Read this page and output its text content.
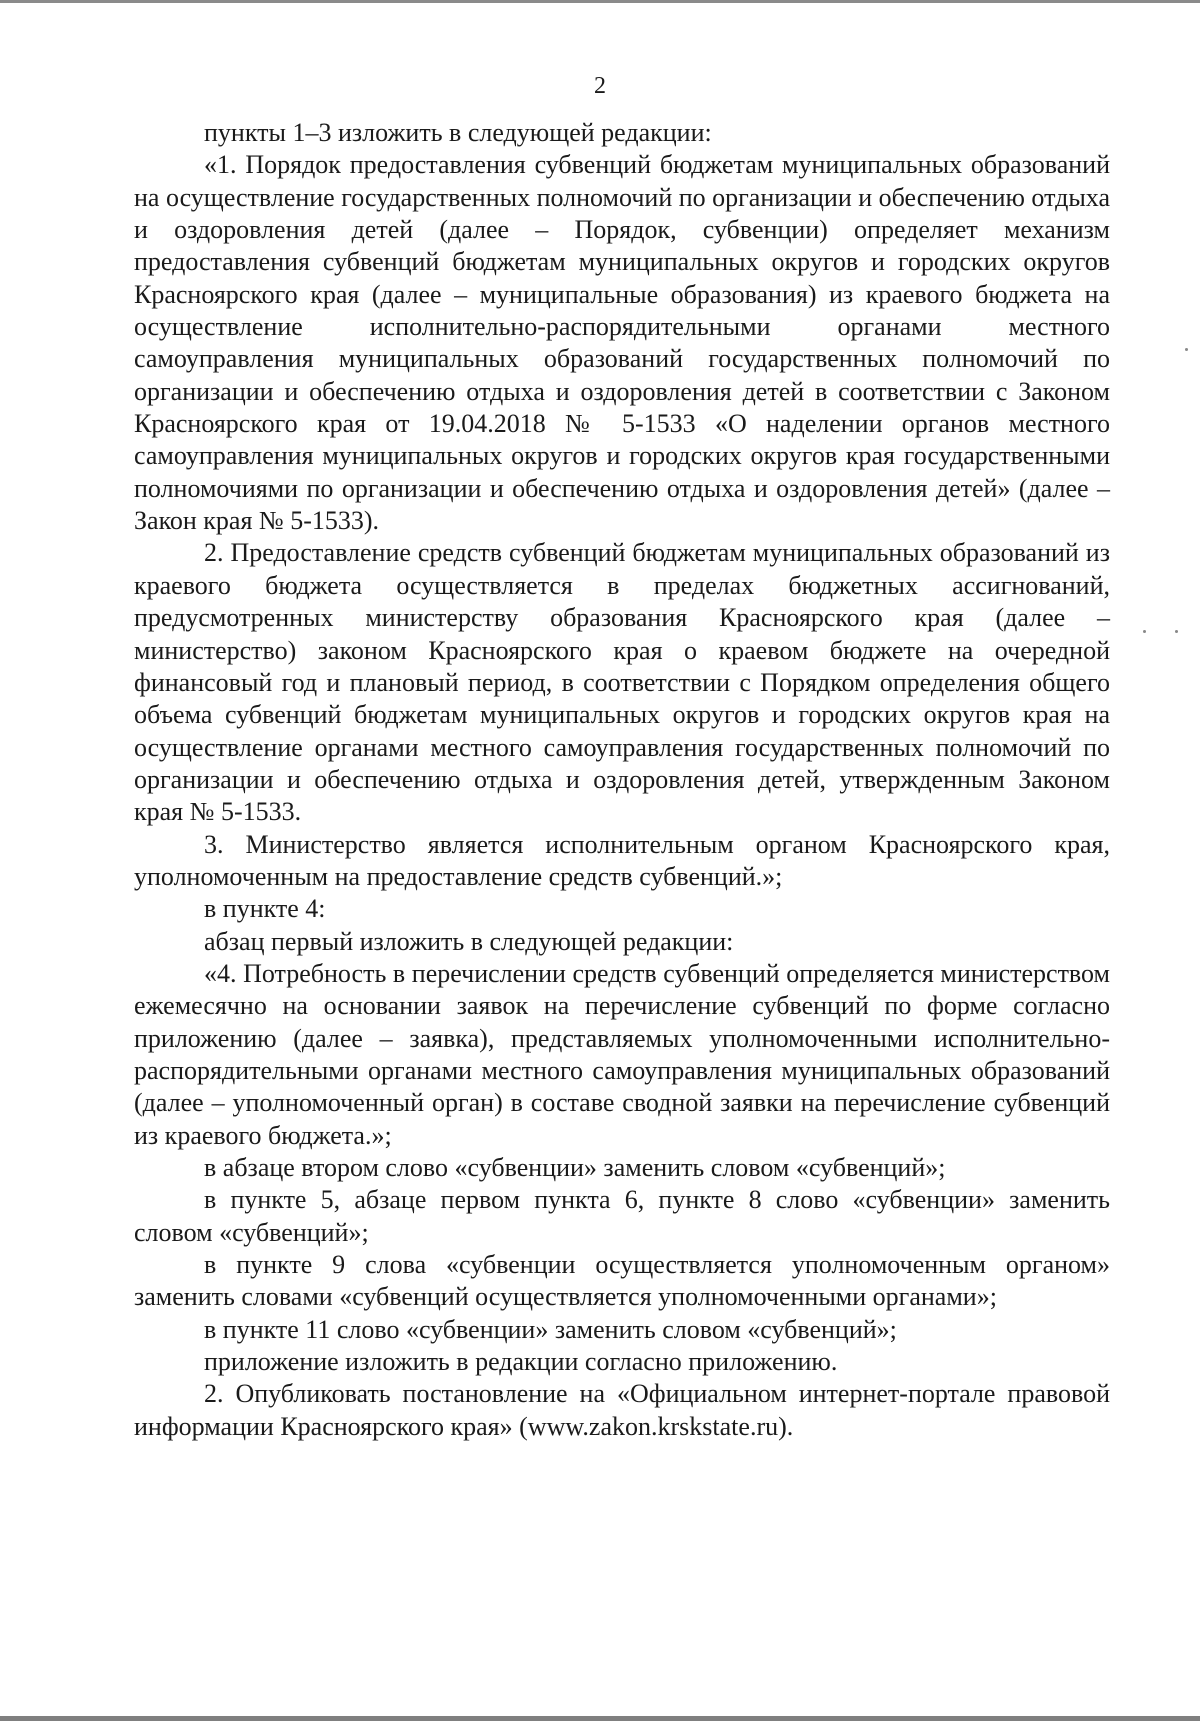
2

пункты 1–3 изложить в следующей редакции:

«1. Порядок предоставления субвенций бюджетам муниципальных образований на осуществление государственных полномочий по организации и обеспечению отдыха и оздоровления детей (далее – Порядок, субвенции) определяет механизм предоставления субвенций бюджетам муниципальных округов и городских округов Красноярского края (далее – муниципальные образования) из краевого бюджета на осуществление исполнительно-распорядительными органами местного самоуправления муниципальных образований государственных полномочий по организации и обеспечению отдыха и оздоровления детей в соответствии с Законом Красноярского края от 19.04.2018 № 5-1533 «О наделении органов местного самоуправления муниципальных округов и городских округов края государственными полномочиями по организации и обеспечению отдыха и оздоровления детей» (далее – Закон края № 5-1533).

2. Предоставление средств субвенций бюджетам муниципальных образований из краевого бюджета осуществляется в пределах бюджетных ассигнований, предусмотренных министерству образования Красноярского края (далее – министерство) законом Красноярского края о краевом бюджете на очередной финансовый год и плановый период, в соответствии с Порядком определения общего объема субвенций бюджетам муниципальных округов и городских округов края на осуществление органами местного самоуправления государственных полномочий по организации и обеспечению отдыха и оздоровления детей, утвержденным Законом края № 5-1533.

3. Министерство является исполнительным органом Красноярского края, уполномоченным на предоставление средств субвенций.»;

в пункте 4:

абзац первый изложить в следующей редакции:

«4. Потребность в перечислении средств субвенций определяется министерством ежемесячно на основании заявок на перечисление субвенций по форме согласно приложению (далее – заявка), представляемых уполномоченными исполнительно-распорядительными органами местного самоуправления муниципальных образований (далее – уполномоченный орган) в составе сводной заявки на перечисление субвенций из краевого бюджета.»;

в абзаце втором слово «субвенции» заменить словом «субвенций»;

в пункте 5, абзаце первом пункта 6, пункте 8 слово «субвенции» заменить словом «субвенций»;

в пункте 9 слова «субвенции осуществляется уполномоченным органом» заменить словами «субвенций осуществляется уполномоченными органами»;

в пункте 11 слово «субвенции» заменить словом «субвенций»;

приложение изложить в редакции согласно приложению.

2. Опубликовать постановление на «Официальном интернет-портале правовой информации Красноярского края» (www.zakon.krskstate.ru).
